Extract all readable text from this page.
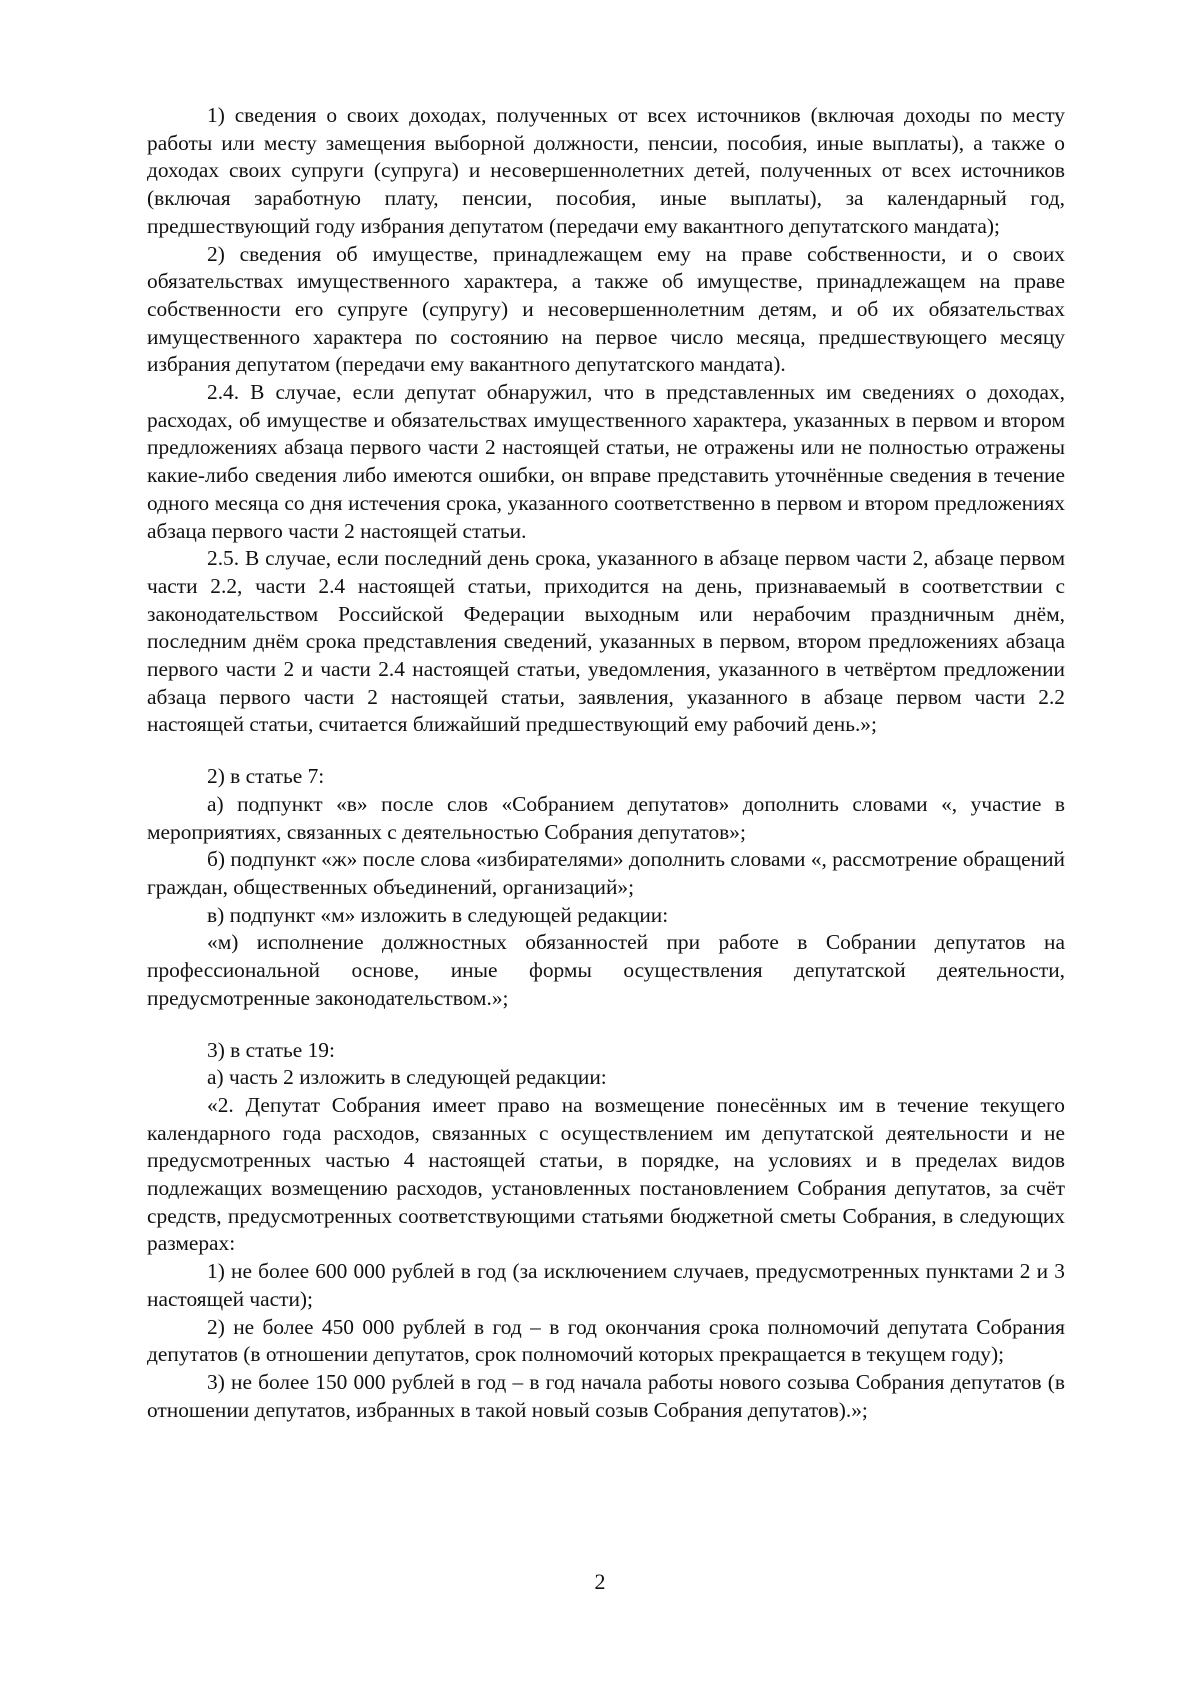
1) сведения о своих доходах, полученных от всех источников (включая доходы по месту работы или месту замещения выборной должности, пенсии, пособия, иные выплаты), а также о доходах своих супруги (супруга) и несовершеннолетних детей, полученных от всех источников (включая заработную плату, пенсии, пособия, иные выплаты), за календарный год, предшествующий году избрания депутатом (передачи ему вакантного депутатского мандата);

2) сведения об имуществе, принадлежащем ему на праве собственности, и о своих обязательствах имущественного характера, а также об имуществе, принадлежащем на праве собственности его супруге (супругу) и несовершеннолетним детям, и об их обязательствах имущественного характера по состоянию на первое число месяца, предшествующего месяцу избрания депутатом (передачи ему вакантного депутатского мандата).

2.4. В случае, если депутат обнаружил, что в представленных им сведениях о доходах, расходах, об имуществе и обязательствах имущественного характера, указанных в первом и втором предложениях абзаца первого части 2 настоящей статьи, не отражены или не полностью отражены какие-либо сведения либо имеются ошибки, он вправе представить уточнённые сведения в течение одного месяца со дня истечения срока, указанного соответственно в первом и втором предложениях абзаца первого части 2 настоящей статьи.

2.5. В случае, если последний день срока, указанного в абзаце первом части 2, абзаце первом части 2.2, части 2.4 настоящей статьи, приходится на день, признаваемый в соответствии с законодательством Российской Федерации выходным или нерабочим праздничным днём, последним днём срока представления сведений, указанных в первом, втором предложениях абзаца первого части 2 и части 2.4 настоящей статьи, уведомления, указанного в четвёртом предложении абзаца первого части 2 настоящей статьи, заявления, указанного в абзаце первом части 2.2 настоящей статьи, считается ближайший предшествующий ему рабочий день.»;

2) в статье 7:

а) подпункт «в» после слов «Собранием депутатов» дополнить словами «, участие в мероприятиях, связанных с деятельностью Собрания депутатов»;

б) подпункт «ж» после слова «избирателями» дополнить словами «, рассмотрение обращений граждан, общественных объединений, организаций»;

в) подпункт «м» изложить в следующей редакции:

«м) исполнение должностных обязанностей при работе в Собрании депутатов на профессиональной основе, иные формы осуществления депутатской деятельности, предусмотренные законодательством.»;

3) в статье 19:

а) часть 2 изложить в следующей редакции:

«2. Депутат Собрания имеет право на возмещение понесённых им в течение текущего календарного года расходов, связанных с осуществлением им депутатской деятельности и не предусмотренных частью 4 настоящей статьи, в порядке, на условиях и в пределах видов подлежащих возмещению расходов, установленных постановлением Собрания депутатов, за счёт средств, предусмотренных соответствующими статьями бюджетной сметы Собрания, в следующих размерах:

1) не более 600 000 рублей в год (за исключением случаев, предусмотренных пунктами 2 и 3 настоящей части);

2) не более 450 000 рублей в год – в год окончания срока полномочий депутата Собрания депутатов (в отношении депутатов, срок полномочий которых прекращается в текущем году);

3) не более 150 000 рублей в год – в год начала работы нового созыва Собрания депутатов (в отношении депутатов, избранных в такой новый созыв Собрания депутатов).»;

2
